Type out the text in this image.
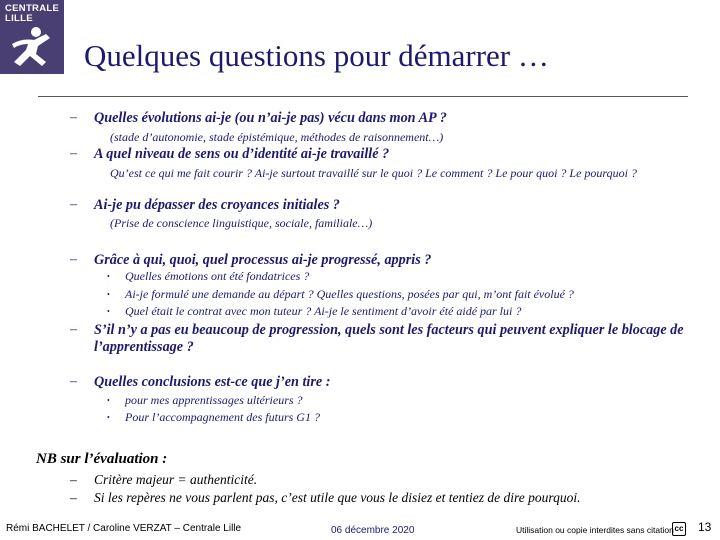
CENTRALE
LILLE
Quelques questions pour démarrer …
– Quelles évolutions ai-je (ou n’ai-je pas) vécu dans mon AP ?
(stade d’autonomie, stade épistémique, méthodes de raisonnement…)
– A quel niveau de sens ou d’identité ai-je travaillé ?
Qu’est ce qui me fait courir ? Ai-je surtout travaillé sur le quoi ? Le comment ? Le pour quoi ? Le pourquoi ?
– Ai-je pu dépasser des croyances initiales ?
(Prise de conscience linguistique, sociale, familiale…)
– Grâce à qui, quoi, quel processus ai-je progressé, appris ?
• Quelles émotions ont été fondatrices ?
• Ai-je formulé une demande au départ ? Quelles questions, posées par qui, m’ont fait évolué ?
• Quel était le contrat avec mon tuteur ? Ai-je le sentiment d’avoir été aidé par lui ?
– S’il n’y a pas eu beaucoup de progression, quels sont les facteurs qui peuvent expliquer le blocage de l’apprentissage ?
– Quelles conclusions est-ce que j’en tire :
• pour mes apprentissages ultérieurs ?
• Pour l’accompagnement des futurs G1 ?
NB sur l’évaluation :
– Critère majeur = authenticité.
– Si les repères ne vous parlent pas, c’est utile que vous le disiez et tentiez de dire pourquoi.
Rémi BACHELET / Caroline VERZAT – Centrale Lille	06 décembre 2020	Utilisation ou copie interdites sans citation cc 13
